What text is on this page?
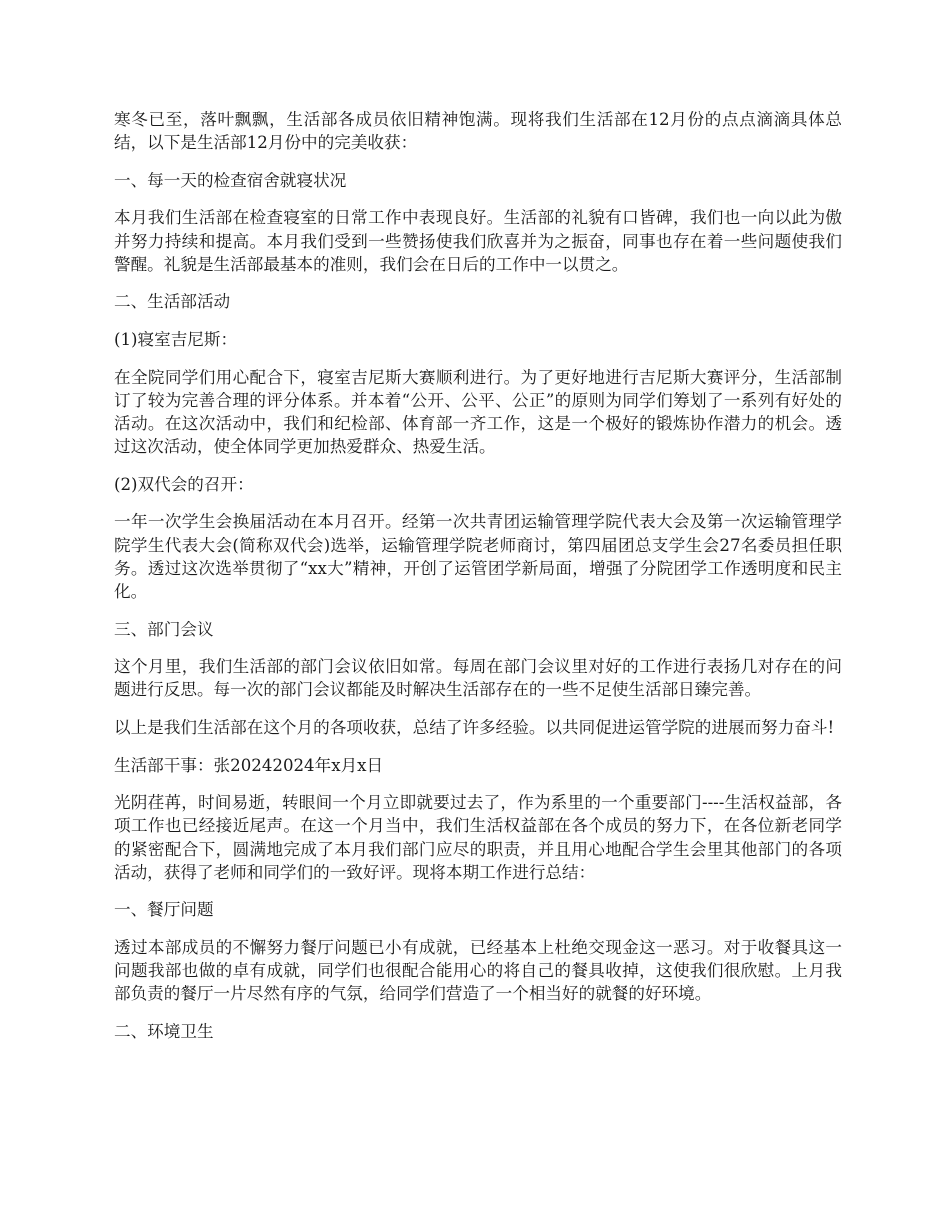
寒冬已至，落叶飘飘，生活部各成员依旧精神饱满。现将我们生活部在12月份的点点滴滴具体总结，以下是生活部12月份中的完美收获：

一、每一天的检查宿舍就寝状况

本月我们生活部在检查寝室的日常工作中表现良好。生活部的礼貌有口皆碑，我们也一向以此为傲并努力持续和提高。本月我们受到一些赞扬使我们欣喜并为之振奋，同事也存在着一些问题使我们警醒。礼貌是生活部最基本的准则，我们会在日后的工作中一以贯之。

二、生活部活动

(1)寝室吉尼斯：

在全院同学们用心配合下，寝室吉尼斯大赛顺利进行。为了更好地进行吉尼斯大赛评分，生活部制订了较为完善合理的评分体系。并本着“公开、公平、公正”的原则为同学们筹划了一系列有好处的活动。在这次活动中，我们和纪检部、体育部一齐工作，这是一个极好的锻炼协作潜力的机会。透过这次活动，使全体同学更加热爱群众、热爱生活。

(2)双代会的召开：

一年一次学生会换届活动在本月召开。经第一次共青团运输管理学院代表大会及第一次运输管理学院学生代表大会(简称双代会)选举，运输管理学院老师商讨，第四届团总支学生会27名委员担任职务。透过这次选举贯彻了“xx大”精神，开创了运管团学新局面，增强了分院团学工作透明度和民主化。

三、部门会议

这个月里，我们生活部的部门会议依旧如常。每周在部门会议里对好的工作进行表扬几对存在的问题进行反思。每一次的部门会议都能及时解决生活部存在的一些不足使生活部日臻完善。

以上是我们生活部在这个月的各项收获，总结了许多经验。以共同促进运管学院的进展而努力奋斗!

生活部干事：张20242024年x月x日

光阴荏苒，时间易逝，转眼间一个月立即就要过去了，作为系里的一个重要部门----生活权益部，各项工作也已经接近尾声。在这一个月当中，我们生活权益部在各个成员的努力下，在各位新老同学的紧密配合下，圆满地完成了本月我们部门应尽的职责，并且用心地配合学生会里其他部门的各项活动，获得了老师和同学们的一致好评。现将本期工作进行总结：

一、餐厅问题

透过本部成员的不懈努力餐厅问题已小有成就，已经基本上杜绝交现金这一恶习。对于收餐具这一问题我部也做的卓有成就，同学们也很配合能用心的将自己的餐具收掉，这使我们很欣慰。上月我部负责的餐厅一片尽然有序的气氛，给同学们营造了一个相当好的就餐的好环境。

二、环境卫生
